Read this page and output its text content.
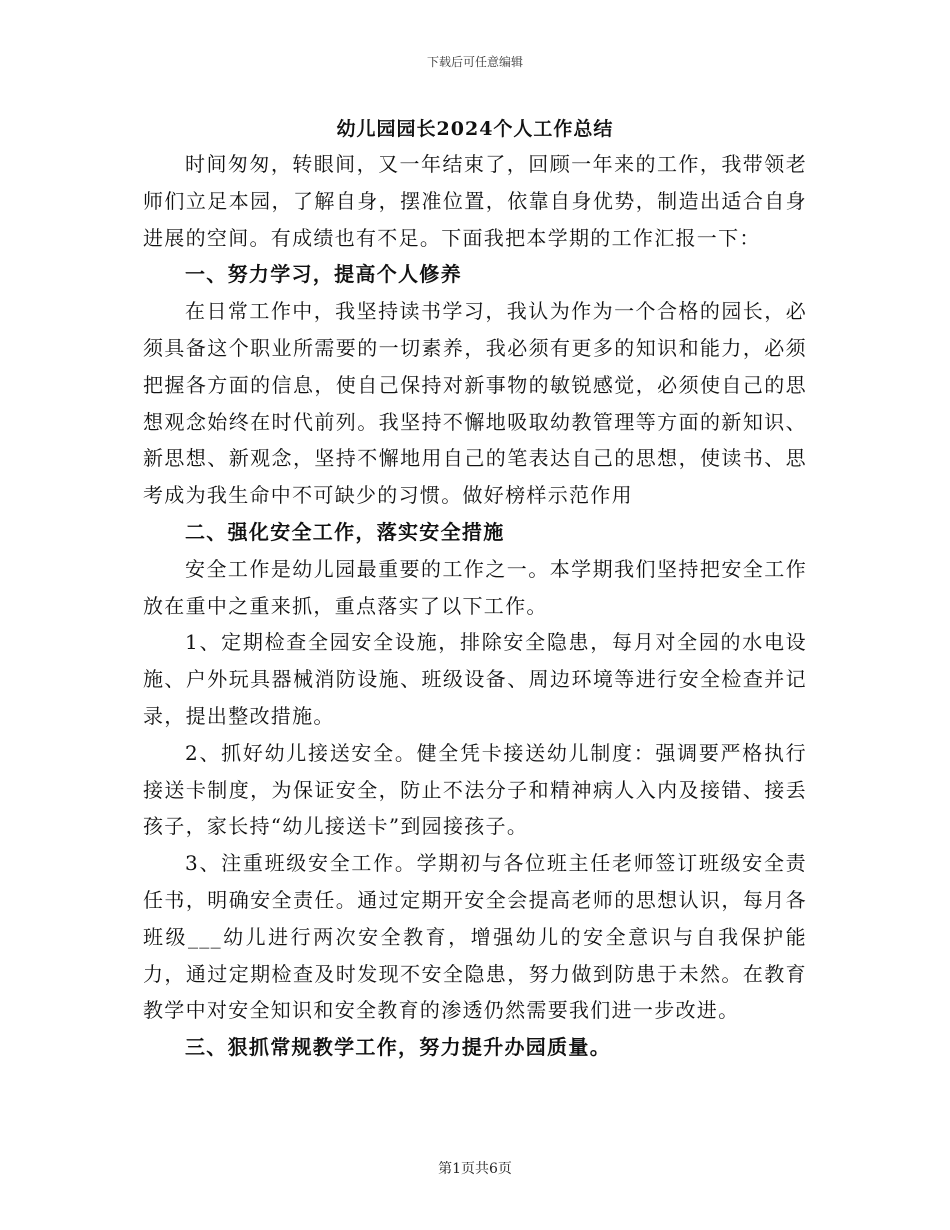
下载后可任意编辑
幼儿园园长2024个人工作总结

时间匆匆，转眼间，又一年结束了，回顾一年来的工作，我带领老师们立足本园，了解自身，摆准位置，依靠自身优势，制造出适合自身进展的空间。有成绩也有不足。下面我把本学期的工作汇报一下：

一、努力学习，提高个人修养

在日常工作中，我坚持读书学习，我认为作为一个合格的园长，必须具备这个职业所需要的一切素养，我必须有更多的知识和能力，必须把握各方面的信息，使自己保持对新事物的敏锐感觉，必须使自己的思想观念始终在时代前列。我坚持不懈地吸取幼教管理等方面的新知识、新思想、新观念，坚持不懈地用自己的笔表达自己的思想，使读书、思考成为我生命中不可缺少的习惯。做好榜样示范作用

二、强化安全工作，落实安全措施

安全工作是幼儿园最重要的工作之一。本学期我们坚持把安全工作放在重中之重来抓，重点落实了以下工作。

1、定期检查全园安全设施，排除安全隐患，每月对全园的水电设施、户外玩具器械消防设施、班级设备、周边环境等进行安全检查并记录，提出整改措施。

2、抓好幼儿接送安全。健全凭卡接送幼儿制度：强调要严格执行接送卡制度，为保证安全，防止不法分子和精神病人入内及接错、接丢孩子，家长持“幼儿接送卡”到园接孩子。

3、注重班级安全工作。学期初与各位班主任老师签订班级安全责任书，明确安全责任。通过定期开安全会提高老师的思想认识，每月各班级___幼儿进行两次安全教育，增强幼儿的安全意识与自我保护能力，通过定期检查及时发现不安全隐患，努力做到防患于未然。在教育教学中对安全知识和安全教育的渗透仍然需要我们进一步改进。

三、狠抓常规教学工作，努力提升办园质量。
第1页共6页
